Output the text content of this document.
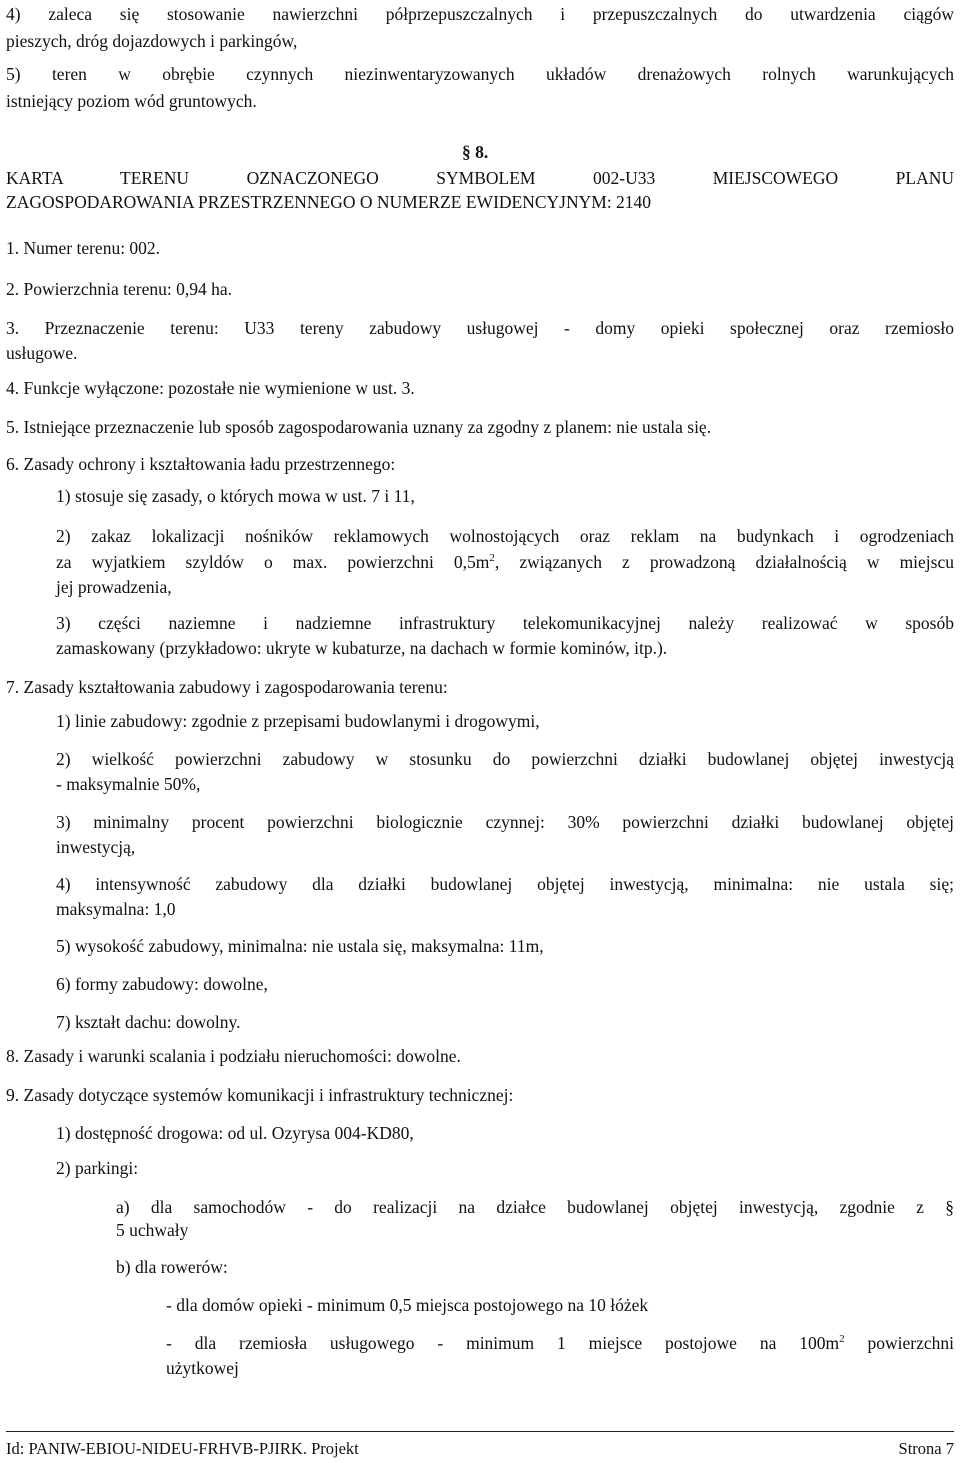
4) zaleca się stosowanie nawierzchni półprzepuszczalnych i przepuszczalnych do utwardzenia ciągów
pieszych, dróg dojazdowych i parkingów,
5) teren w obrębie czynnych niezinwentaryzowanych układów drenażowych rolnych warunkujących
istniejący poziom wód gruntowych.
§ 8.
KARTA TERENU OZNACZONEGO SYMBOLEM 002-U33 MIEJSCOWEGO PLANU
ZAGOSPODAROWANIA PRZESTRZENNEGO O NUMERZE EWIDENCYJNYM: 2140
1. Numer terenu: 002.
2. Powierzchnia terenu: 0,94 ha.
3. Przeznaczenie terenu: U33 tereny zabudowy usługowej - domy opieki społecznej oraz rzemiosło
usługowe.
4. Funkcje wyłączone: pozostałe nie wymienione w ust. 3.
5. Istniejące przeznaczenie lub sposób zagospodarowania uznany za zgodny z planem: nie ustala się.
6. Zasady ochrony i kształtowania ładu przestrzennego:
1) stosuje się zasady, o których mowa w ust. 7 i 11,
2) zakaz lokalizacji nośników reklamowych wolnostojących oraz reklam na budynkach i ogrodzeniach
za wyjatkiem szyldów o max. powierzchni $0,5m^2$, związanych z prowadzoną działalnością w miejscu
jej prowadzenia,
3) części naziemne i nadziemne infrastruktury telekomunikacyjnej należy realizować w sposób
zamaskowany (przykładowo: ukryte w kubaturze, na dachach w formie kominów, itp.).
7. Zasady kształtowania zabudowy i zagospodarowania terenu:
1) linie zabudowy: zgodnie z przepisami budowlanymi i drogowymi,
2) wielkość powierzchni zabudowy w stosunku do powierzchni działki budowlanej objętej inwestycją
- maksymalnie 50%,
3) minimalny procent powierzchni biologicznie czynnej: 30% powierzchni działki budowlanej objętej
inwestycją,
4) intensywność zabudowy dla działki budowlanej objętej inwestycją, minimalna: nie ustala się;
maksymalna: 1,0
5) wysokość zabudowy, minimalna: nie ustala się, maksymalna: 11m,
6) formy zabudowy: dowolne,
7) kształt dachu: dowolny.
8. Zasady i warunki scalania i podziału nieruchomości: dowolne.
9. Zasady dotyczące systemów komunikacji i infrastruktury technicznej:
1) dostępność drogowa: od ul. Ozyrysa 004-KD80,
2) parkingi:
a) dla samochodów - do realizacji na działce budowlanej objętej inwestycją, zgodnie z §
5 uchwały
b) dla rowerów:
- dla domów opieki - minimum 0,5 miejsca postojowego na 10 łóżek
- dla rzemiosła usługowego - minimum 1 miejsce postojowe na $100m^2$ powierzchni
użytkowej
Id: PANIW-EBIOU-NIDEU-FRHVB-PJIRK. Projekt	Strona 7
